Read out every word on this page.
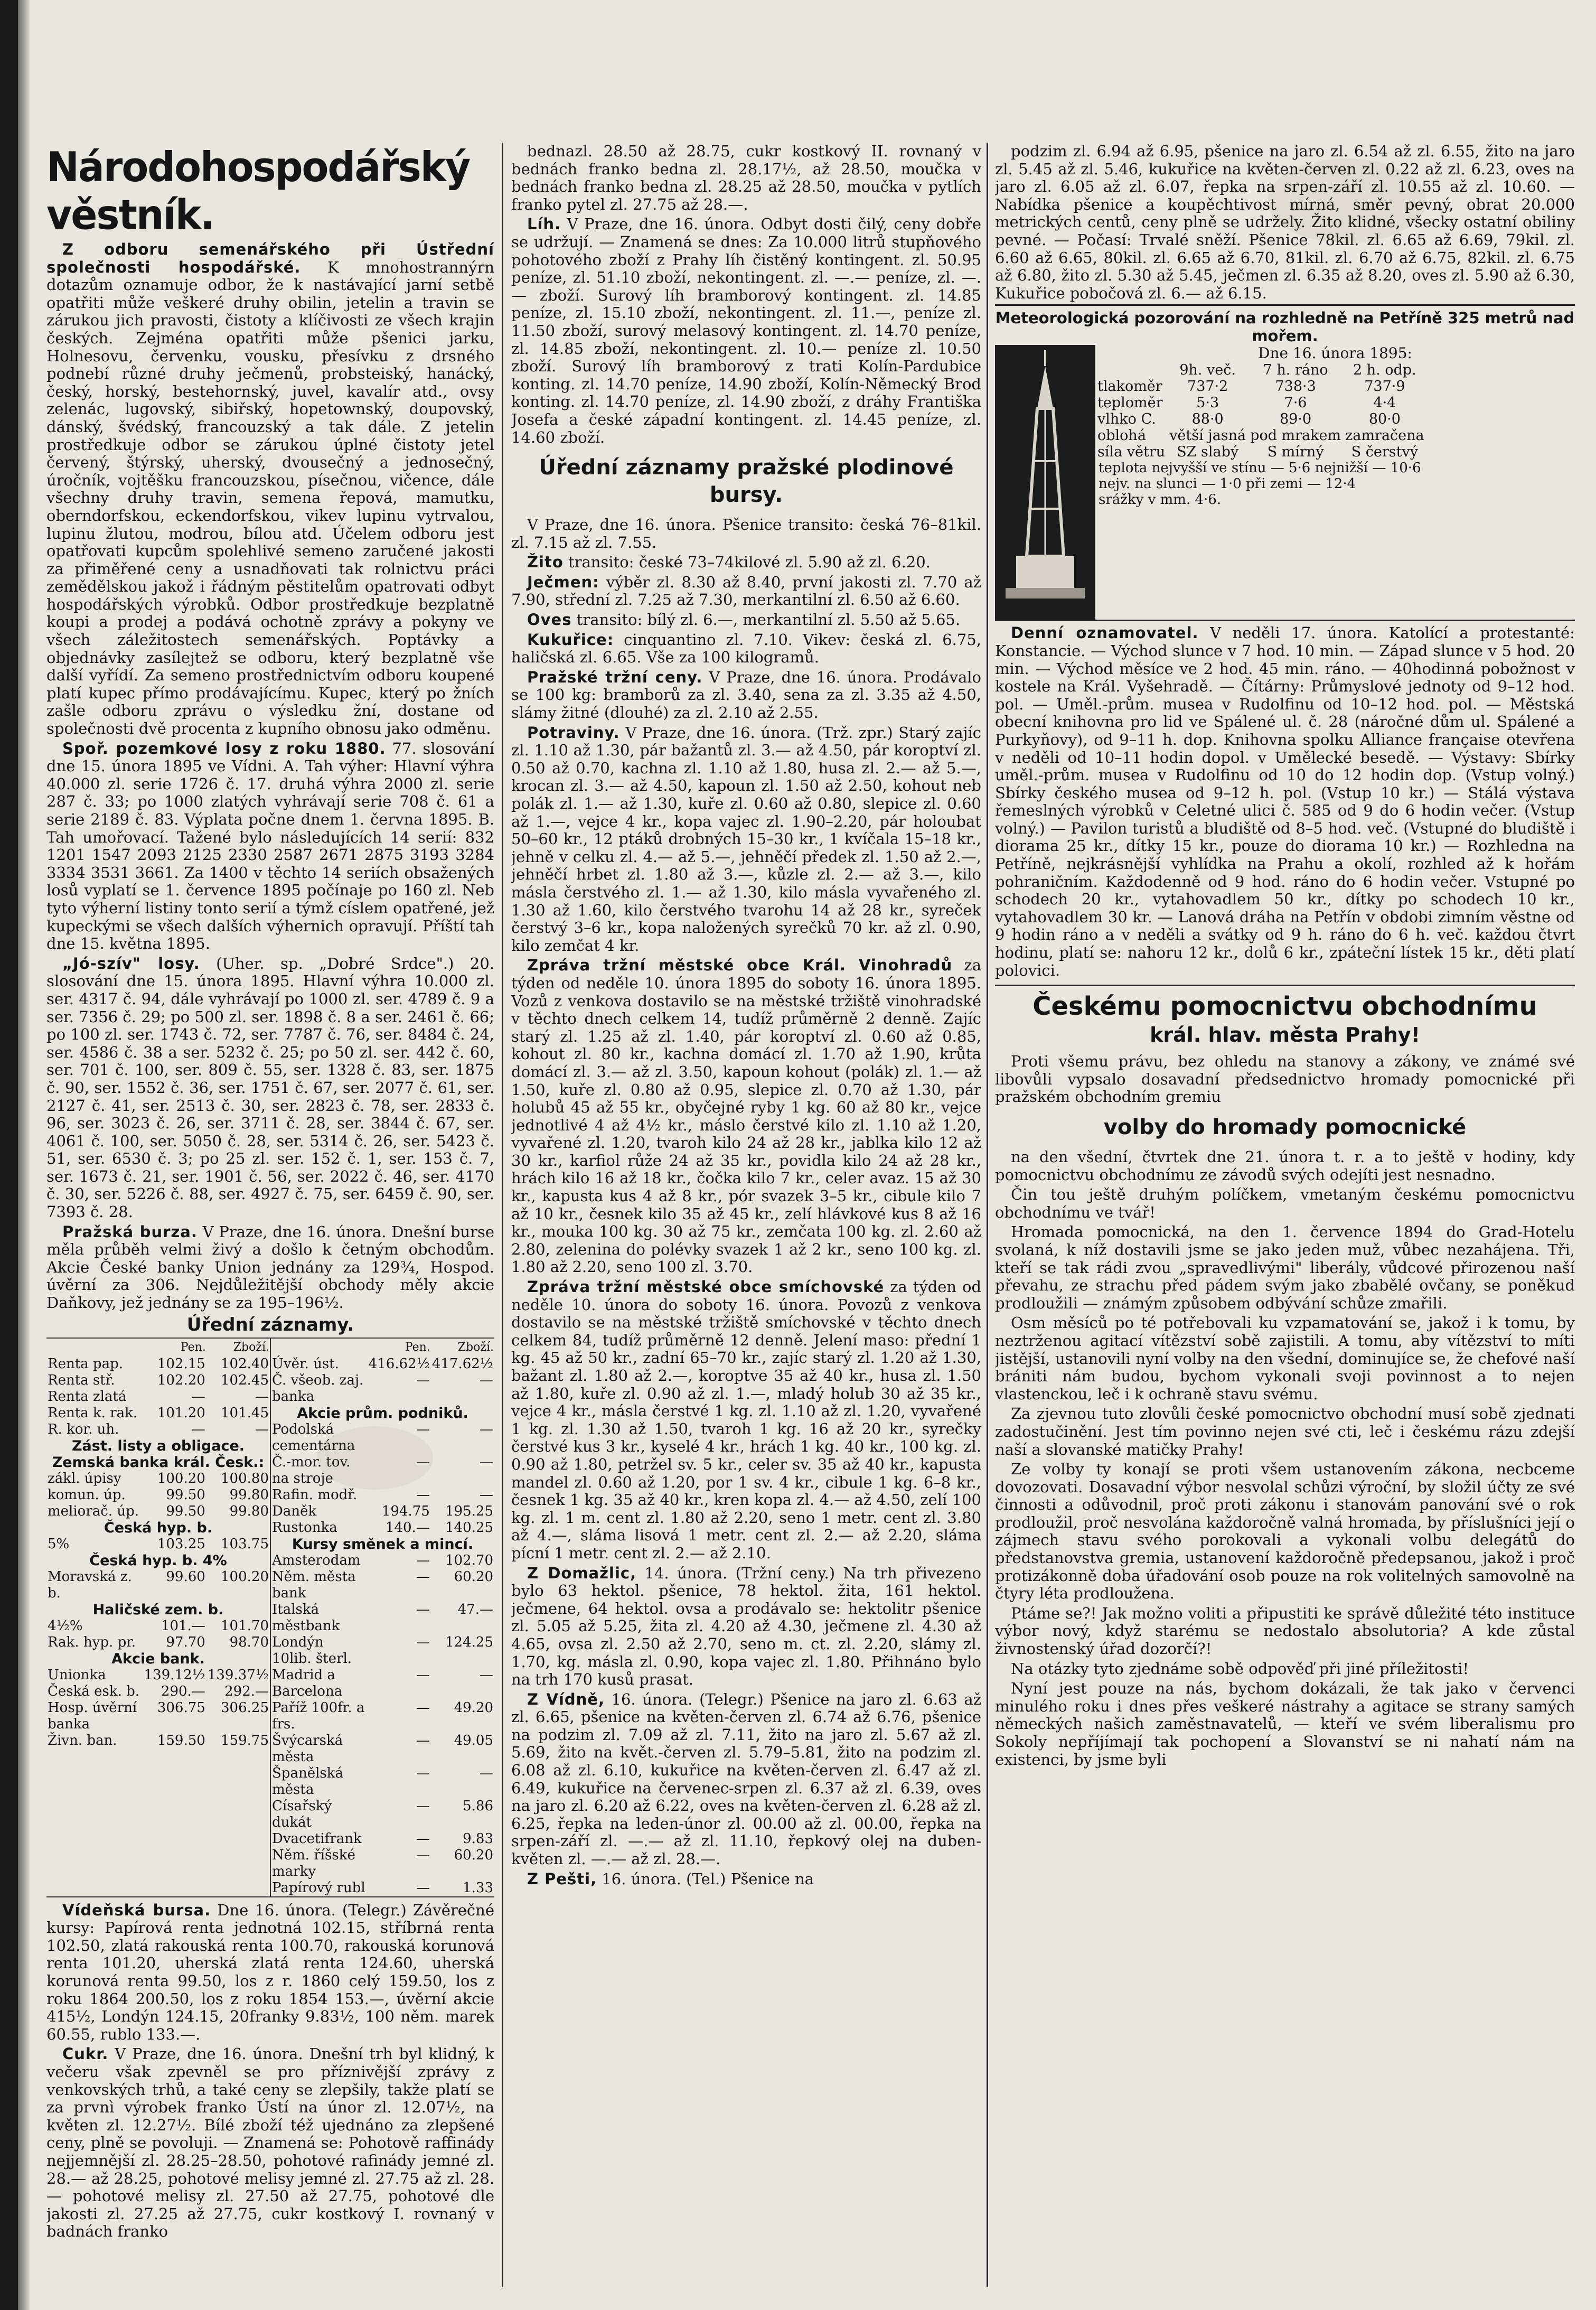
Národohospodářský věstník.

Z odboru semenářského při Ústřední společnosti hospodářské. K mnohostrannýrn dotazům oznamuje odbor, že k nastávající jarní setbě opatřiti může veškeré druhy obilin, jetelin a travin se zárukou jich pravosti, čistoty a klíčivosti ze všech krajin českých. Zejména opatřiti může pšenici jarku, Holnesovu, červenku, vousku, přesívku z drsného podnebí různé druhy ječmenů, probsteiský, hanácký, český, horský, bestehornský, juvel, kavalír atd., ovsy zelenác, lugovský, sibiřský, hopetownský, doupovský, dánský, švédský, francouzský a tak dále. Z jetelin prostředkuje odbor se zárukou úplné čistoty jetel červený, štýrský, uherský, dvousečný a jednosečný, úročník, vojtěšku francouzskou, písečnou, vičence, dále všechny druhy travin, semena řepová, mamutku, oberndorfskou, eckendorfskou, vikev lupinu vytrvalou, lupinu žlutou, modrou, bílou atd. Účelem odboru jest opatřovati kupcům spolehlivé semeno zaručené jakosti za přiměřené ceny a usnadňovati tak rolnictvu práci zemědělskou jakož i řádným pěstitelům opatrovati odbyt hospodářských výrobků. Odbor prostředkuje bezplatně koupi a prodej a podává ochotně zprávy a pokyny ve všech záležitostech semenářských. Poptávky a objednávky zasílejtež se odboru, který bezplatně vše další vyřídí. Za semeno prostřednictvím odboru koupené platí kupec přímo prodávajícímu. Kupec, který po žních zašle odboru zprávu o výsledku žní, dostane od společnosti dvě procenta z kupního obnosu jako odměnu.

Spoř. pozemkové losy z roku 1880. 77. slosování dne 15. února 1895 ve Vídni. A. Tah výher: Hlavní výhra 40.000 zl. serie 1726 č. 17. druhá výhra 2000 zl. serie 287 č. 33; po 1000 zlatých vyhrávají serie 708 č. 61 a serie 2189 č. 83. Výplata počne dnem 1. června 1895. B. Tah umořovací. Tažené bylo následujících 14 serií: 832 1201 1547 2093 2125 2330 2587 2671 2875 3193 3284 3334 3531 3661. Za 1400 v těchto 14 seriích obsažených losů vyplatí se 1. července 1895 počínaje po 160 zl. Neb tyto výherní listiny tonto serií a týmž císlem opatřené, jež kupeckými se všech dalších výhernich opravují. Příští tah dne 15. května 1895.

„Jó-szív" losy. (Uher. sp. „Dobré Srdce".) 20. slosování dne 15. února 1895. Hlavní výhra 10.000 zl. ser. 4317 č. 94, dále vyhrávají po 1000 zl. ser. 4789 č. 9 a ser. 7356 č. 29; po 500 zl. ser. 1898 č. 8 a ser. 2461 č. 66; po 100 zl. ser. 1743 č. 72, ser. 7787 č. 76, ser. 8484 č. 24, ser. 4586 č. 38 a ser. 5232 č. 25; po 50 zl. ser. 442 č. 60, ser. 701 č. 100, ser. 809 č. 55, ser. 1328 č. 83, ser. 1875 č. 90, ser. 1552 č. 36, ser. 1751 č. 67, ser. 2077 č. 61, ser. 2127 č. 41, ser. 2513 č. 30, ser. 2823 č. 78, ser. 2833 č. 96, ser. 3023 č. 26, ser. 3711 č. 28, ser. 3844 č. 67, ser. 4061 č. 100, ser. 5050 č. 28, ser. 5314 č. 26, ser. 5423 č. 51, ser. 6530 č. 3; po 25 zl. ser. 152 č. 1, ser. 153 č. 7, ser. 1673 č. 21, ser. 1901 č. 56, ser. 2022 č. 46, ser. 4170 č. 30, ser. 5226 č. 88, ser. 4927 č. 75, ser. 6459 č. 90, ser. 7393 č. 28.

Pražská burza. V Praze, dne 16. února. Dnešní burse měla průběh velmi živý a došlo k četným obchodům. Akcie České banky Union jednány za 129¾, Hospod. úvěrní za 306. Nejdůležitější obchody měly akcie Daňkovy, jež jednány se za 195–196½.

Úřední záznamy.
	Pen.	Zboží.
Renta pap.	102.15	102.40
Renta stř.	102.20	102.45
Renta zlatá	—	—
Renta k. rak.	101.20	101.45
R. kor. uh.	—	—
Zást. listy a obligace.		
Zemská banka král. Česk.:		
zákl. úpisy	100.20	100.80
komun. úp.	99.50	99.80
meliorač. úp.	99.50	99.80
Česká hyp. b.		
5%	103.25	103.75
Česká hyp. b. 4%		
Moravská z. b.	99.60	100.20
Haličské zem. b.		
4½%	101.—	101.70
Rak. hyp. pr.	97.70	98.70
Akcie bank.		
Unionka	139.12½	139.37½
Česká esk. b.	290.—	292.—
Hosp. úvěrní banka	306.75	306.25
Živn. ban.	159.50	159.75
	Pen.	Zboží.
Úvěr. úst.	416.62½	417.62½
Č. všeob. zaj. banka	—	—
Akcie prům. podniků.		
Podolská cementárna	—	—
Č.-mor. tov. na stroje	—	—
Rafin. modř.	—	—
Daněk	194.75	195.25
Rustonka	140.—	140.25
Kursy směnek a mincí.		
Amsterodam	—	102.70
Něm. města bank	—	60.20
Italská městbank	—	47.—
Londýn 10lib. šterl.	—	124.25
Madrid a Barcelona	—	—
Paříž 100fr. a frs.	—	49.20
Švýcarská města	—	49.05
Španělská města	—	—
Císařský dukát	—	5.86
Dvacetifrank	—	9.83
Něm. říšské marky	—	60.20
Papírový rubl	—	1.33

Vídeňská bursa. Dne 16. února. (Telegr.) Závěrečné kursy: Papírová renta jednotná 102.15, stříbrná renta 102.50, zlatá rakouská renta 100.70, rakouská korunová renta 101.20, uherská zlatá renta 124.60, uherská korunová renta 99.50, los z r. 1860 celý 159.50, los z roku 1864 200.50, los z roku 1854 153.—, úvěrní akcie 415½, Londýn 124.15, 20franky 9.83½, 100 něm. marek 60.55, rublo 133.—.

Cukr. V Praze, dne 16. února. Dnešní trh byl klidný, k večeru však zpevněl se pro příznivější zprávy z venkovských trhů, a také ceny se zlepšily, takže platí se za prvnì výrobek franko Ústí na únor zl. 12.07½, na květen zl. 12.27½. Bílé zboží též ujednáno za zlepšené ceny, plně se povoluji. — Znamená se: Pohotově raffinády nejjemnější zl. 28.25–28.50, pohotové rafinády jemné zl. 28.— až 28.25, pohotové melisy jemné zl. 27.75 až zl. 28.— pohotové melisy zl. 27.50 až 27.75, pohotové dle jakosti zl. 27.25 až 27.75, cukr kostkový I. rovnaný v badnách franko

bednazl. 28.50 až 28.75, cukr kostkový II. rovnaný v bednách franko bedna zl. 28.17½, až 28.50, moučka v bednách franko bedna zl. 28.25 až 28.50, moučka v pytlích franko pytel zl. 27.75 až 28.—.

Líh. V Praze, dne 16. února. Odbyt dosti čilý, ceny dobře se udržují. — Znamená se dnes: Za 10.000 litrů stupňového pohotového zboží z Prahy líh čistěný kontingent. zl. 50.95 peníze, zl. 51.10 zboží, nekontingent. zl. —.— peníze, zl. —.— zboží. Surový líh bramborový kontingent. zl. 14.85 peníze, zl. 15.10 zboží, nekontingent. zl. 11.—, peníze zl. 11.50 zboží, surový melasový kontingent. zl. 14.70 peníze, zl. 14.85 zboží, nekontingent. zl. 10.— peníze zl. 10.50 zboží. Surový líh bramborový z trati Kolín-Pardubice konting. zl. 14.70 peníze, 14.90 zboží, Kolín-Německý Brod konting. zl. 14.70 peníze, zl. 14.90 zboží, z dráhy Františka Josefa a české západní kontingent. zl. 14.45 peníze, zl. 14.60 zboží.

Úřední záznamy pražské plodinové bursy.

V Praze, dne 16. února. Pšenice transito: česká 76–81kil. zl. 7.15 až zl. 7.55.

Žito transito: české 73–74kilové zl. 5.90 až zl. 6.20.

Ječmen: výběr zl. 8.30 až 8.40, první jakosti zl. 7.70 až 7.90, střední zl. 7.25 až 7.30, merkantilní zl. 6.50 až 6.60.

Oves transito: bílý zl. 6.—, merkantilní zl. 5.50 až 5.65.

Kukuřice: cinquantino zl. 7.10. Vikev: česká zl. 6.75, haličská zl. 6.65. Vše za 100 kilogramů.

Pražské tržní ceny. V Praze, dne 16. února. Prodávalo se 100 kg: bramborů za zl. 3.40, sena za zl. 3.35 až 4.50, slámy žitné (dlouhé) za zl. 2.10 až 2.55.

Potraviny. V Praze, dne 16. února. (Trž. zpr.) Starý zajíc zl. 1.10 až 1.30, pár bažantů zl. 3.— až 4.50, pár koroptví zl. 0.50 až 0.70, kachna zl. 1.10 až 1.80, husa zl. 2.— až 5.—, krocan zl. 3.— až 4.50, kapoun zl. 1.50 až 2.50, kohout neb polák zl. 1.— až 1.30, kuře zl. 0.60 až 0.80, slepice zl. 0.60 až 1.—, vejce 4 kr., kopa vajec zl. 1.90–2.20, pár holoubat 50–60 kr., 12 ptáků drobných 15–30 kr., 1 kvíčala 15–18 kr., jehně v celku zl. 4.— až 5.—, jehněčí předek zl. 1.50 až 2.—, jehněčí hrbet zl. 1.80 až 3.—, kůzle zl. 2.— až 3.—, kilo másla čerstvého zl. 1.— až 1.30, kilo másla vyvařeného zl. 1.30 až 1.60, kilo čerstvého tvarohu 14 až 28 kr., syreček čerstvý 3–6 kr., kopa naložených syrečků 70 kr. až zl. 0.90, kilo zemčat 4 kr.

Zpráva tržní městské obce Král. Vinohradů za týden od neděle 10. února 1895 do soboty 16. února 1895. Vozů z venkova dostavilo se na městské tržiště vinohradské v těchto dnech celkem 14, tudíž průměrně 2 denně. Zajíc starý zl. 1.25 až zl. 1.40, pár koroptví zl. 0.60 až 0.85, kohout zl. 80 kr., kachna domácí zl. 1.70 až 1.90, krůta domácí zl. 3.— až zl. 3.50, kapoun kohout (polák) zl. 1.— až 1.50, kuře zl. 0.80 až 0.95, slepice zl. 0.70 až 1.30, pár holubů 45 až 55 kr., obyčejné ryby 1 kg. 60 až 80 kr., vejce jednotlivé 4 až 4½ kr., máslo čerstvé kilo zl. 1.10 až 1.20, vyvařené zl. 1.20, tvaroh kilo 24 až 28 kr., jablka kilo 12 až 30 kr., karfiol růže 24 až 35 kr., povidla kilo 24 až 28 kr., hrách kilo 16 až 18 kr., čočka kilo 7 kr., celer avaz. 15 až 30 kr., kapusta kus 4 až 8 kr., pór svazek 3–5 kr., cibule kilo 7 až 10 kr., česnek kilo 35 až 45 kr., zelí hlávkové kus 8 až 16 kr., mouka 100 kg. 30 až 75 kr., zemčata 100 kg. zl. 2.60 až 2.80, zelenina do polévky svazek 1 až 2 kr., seno 100 kg. zl. 1.80 až 2.20, seno 100 zl. 3.70.

Zpráva tržní městské obce smíchovské za týden od neděle 10. února do soboty 16. února. Povozů z venkova dostavilo se na městské tržiště smíchovské v těchto dnech celkem 84, tudíž průměrně 12 denně. Jelení maso: přední 1 kg. 45 až 50 kr., zadní 65–70 kr., zajíc starý zl. 1.20 až 1.30, bažant zl. 1.80 až 2.—, koroptve 35 až 40 kr., husa zl. 1.50 až 1.80, kuře zl. 0.90 až zl. 1.—, mladý holub 30 až 35 kr., vejce 4 kr., másla čerstvé 1 kg. zl. 1.10 až zl. 1.20, vyvařené 1 kg. zl. 1.30 až 1.50, tvaroh 1 kg. 16 až 20 kr., syrečky čerstvé kus 3 kr., kyselé 4 kr., hrách 1 kg. 40 kr., 100 kg. zl. 0.90 až 1.80, petržel sv. 5 kr., celer sv. 35 až 40 kr., kapusta mandel zl. 0.60 až 1.20, por 1 sv. 4 kr., cibule 1 kg. 6–8 kr., česnek 1 kg. 35 až 40 kr., kren kopa zl. 4.— až 4.50, zelí 100 kg. zl. 1 m. cent zl. 1.80 až 2.20, seno 1 metr. cent zl. 3.80 až 4.—, sláma lisová 1 metr. cent zl. 2.— až 2.20, sláma pícní 1 metr. cent zl. 2.— až 2.10.

Z Domažlic, 14. února. (Tržní ceny.) Na trh přivezeno bylo 63 hektol. pšenice, 78 hektol. žita, 161 hektol. ječmene, 64 hektol. ovsa a prodávalo se: hektolitr pšenice zl. 5.05 až 5.25, žita zl. 4.20 až 4.30, ječmene zl. 4.30 až 4.65, ovsa zl. 2.50 až 2.70, seno m. ct. zl. 2.20, slámy zl. 1.70, kg. másla zl. 0.90, kopa vajec zl. 1.80. Přihnáno bylo na trh 170 kusů prasat.

Z Vídně, 16. února. (Telegr.) Pšenice na jaro zl. 6.63 až zl. 6.65, pšenice na květen-červen zl. 6.74 až 6.76, pšenice na podzim zl. 7.09 až zl. 7.11, žito na jaro zl. 5.67 až zl. 5.69, žito na květ.-červen zl. 5.79–5.81, žito na podzim zl. 6.08 až zl. 6.10, kukuřice na květen-červen zl. 6.47 až zl. 6.49, kukuřice na červenec-srpen zl. 6.37 až zl. 6.39, oves na jaro zl. 6.20 až 6.22, oves na květen-červen zl. 6.28 až zl. 6.25, řepka na leden-únor zl. 00.00 až zl. 00.00, řepka na srpen-září zl. —.— až zl. 11.10, řepkový olej na duben-květen zl. —.— až zl. 28.—.

Z Pešti, 16. února. (Tel.) Pšenice na

podzim zl. 6.94 až 6.95, pšenice na jaro zl. 6.54 až zl. 6.55, žito na jaro zl. 5.45 až zl. 5.46, kukuřice na květen-červen zl. 0.22 až zl. 6.23, oves na jaro zl. 6.05 až zl. 6.07, řepka na srpen-září zl. 10.55 až zl. 10.60. — Nabídka pšenice a koupěchtivost mírná, směr pevný, obrat 20.000 metrických centů, ceny plně se udržely. Žito klidné, všecky ostatní obiliny pevné. — Počasí: Trvalé sněží. Pšenice 78kil. zl. 6.65 až 6.69, 79kil. zl. 6.60 až 6.65, 80kil. zl. 6.65 až 6.70, 81kil. zl. 6.70 až 6.75, 82kil. zl. 6.75 až 6.80, žito zl. 5.30 až 5.45, ječmen zl. 6.35 až 8.20, oves zl. 5.90 až 6.30, Kukuřice pobočová zl. 6.— až 6.15.

Meteorologická pozorování na rozhledně na Petříně 325 metrů nad mořem.
Dne 16. února 1895:
	9h. več.	7 h. ráno	2 h. odp.
tlakoměr	737·2	738·3	737·9
teploměr	5·3	7·6	4·4
vlhko C.	88·0	89·0	80·0
oblohá	větší jasná	pod mrakem	zamračena
síla větru	SZ slabý	S mírný	S čerstvý
teplota nejvyšší ve stínu — 5·6 nejnižší — 10·6
nejv. na slunci — 1·0 při zemi — 12·4
srážky v mm. 4·6.

Denní oznamovatel. V neděli 17. února. Katolící a protestanté: Konstancie. — Východ slunce v 7 hod. 10 min. — Západ slunce v 5 hod. 20 min. — Východ měsíce ve 2 hod. 45 min. ráno. — 40hodinná pobožnost v kostele na Král. Vyšehradě. — Čítárny: Průmyslové jednoty od 9–12 hod. pol. — Uměl.-prům. musea v Rudolfinu od 10–12 hod. pol. — Městská obecní knihovna pro lid ve Spálené ul. č. 28 (náročné dům ul. Spálené a Purkyňovy), od 9–11 h. dop. Knihovna spolku Alliance française otevřena v neděli od 10–11 hodin dopol. v Umělecké besedě. — Výstavy: Sbírky uměl.-prům. musea v Rudolfinu od 10 do 12 hodin dop. (Vstup volný.) Sbírky českého musea od 9–12 h. pol. (Vstup 10 kr.) — Stálá výstava řemeslných výrobků v Celetné ulici č. 585 od 9 do 6 hodin večer. (Vstup volný.) — Pavilon turistů a bludiště od 8–5 hod. več. (Vstupné do bludiště i diorama 25 kr., dítky 15 kr., pouze do diorama 10 kr.) — Rozhledna na Petříně, nejkrásnější vyhlídka na Prahu a okolí, rozhled až k hořám pohraničním. Každodenně od 9 hod. ráno do 6 hodin večer. Vstupné po schodech 20 kr., vytahovadlem 50 kr., dítky po schodech 10 kr., vytahovadlem 30 kr. — Lanová dráha na Petřín v obdobi zimním věstne od 9 hodin ráno a v neděli a svátky od 9 h. ráno do 6 h. več. každou čtvrt hodinu, platí se: nahoru 12 kr., dolů 6 kr., zpáteční lístek 15 kr., děti platí polovici.

Českému pomocnictvu obchodnímu
král. hlav. města Prahy!

Proti všemu právu, bez ohledu na stanovy a zákony, ve známé své libovůli vypsalo dosavadní předsednictvo hromady pomocnické při pražském obchodním gremiu

volby do hromady pomocnické

na den všední, čtvrtek dne 21. února t. r. a to ještě v hodiny, kdy pomocnictvu obchodnímu ze závodů svých odejíti jest nesnadno.

Čin tou ještě druhým políčkem, vmetaným českému pomocnictvu obchodnímu ve tvář!

Hromada pomocnická, na den 1. července 1894 do Grad-Hotelu svolaná, k níž dostavili jsme se jako jeden muž, vůbec nezahájena. Tři, kteří se tak rádi zvou „spravedlivými" liberály, vůdcové přirozenou naší převahu, ze strachu před pádem svým jako zbabělé ovčany, se poněkud prodloužili — známým způsobem odbývání schůze zmařili.

Osm měsíců po té potřebovali ku vzpamatování se, jakož i k tomu, by neztrženou agitací vítězství sobě zajistili. A tomu, aby vítězství to míti jistější, ustanovili nyní volby na den všední, dominujíce se, že chefové naší brániti nám budou, bychom vykonali svoji povinnost a to nejen vlastenckou, leč i k ochraně stavu svému.

Za zjevnou tuto zlovůli české pomocnictvo obchodní musí sobě zjednati zadostučinění. Jest tím povinno nejen své cti, leč i českému rázu zdejší naší a slovanské matičky Prahy!

Ze volby ty konají se proti všem ustanovením zákona, necbceme dovozovati. Dosavadní výbor nesvolal schůzi výroční, by složil účty ze své činnosti a odůvodnil, proč proti zákonu i stanovám panování své o rok prodloužil, proč nesvolána každoročně valná hromada, by příslušníci její o zájmech stavu svého porokovali a vykonali volbu delegátů do předstanovstva gremia, ustanovení každoročně předepsanou, jakož i proč protizákonně doba úřadování osob pouze na rok volitelných samovolně na čtyry léta prodloužena.

Ptáme se?! Jak možno voliti a připustiti ke správě důležité této instituce výbor nový, když starému se nedostalo absolutoria? A kde zůstal živnostenský úřad dozorčí?!

Na otázky tyto zjednáme sobě odpověď při jiné příležitosti!

Nyní jest pouze na nás, bychom dokázali, že tak jako v červenci minulého roku i dnes přes veškeré nástrahy a agitace se strany samých německých našich zaměstnavatelů, — kteří ve svém liberalismu pro Sokoly nepříjímají tak pochopení a Slovanství se ni nahatí nám na existenci, by jsme byli
